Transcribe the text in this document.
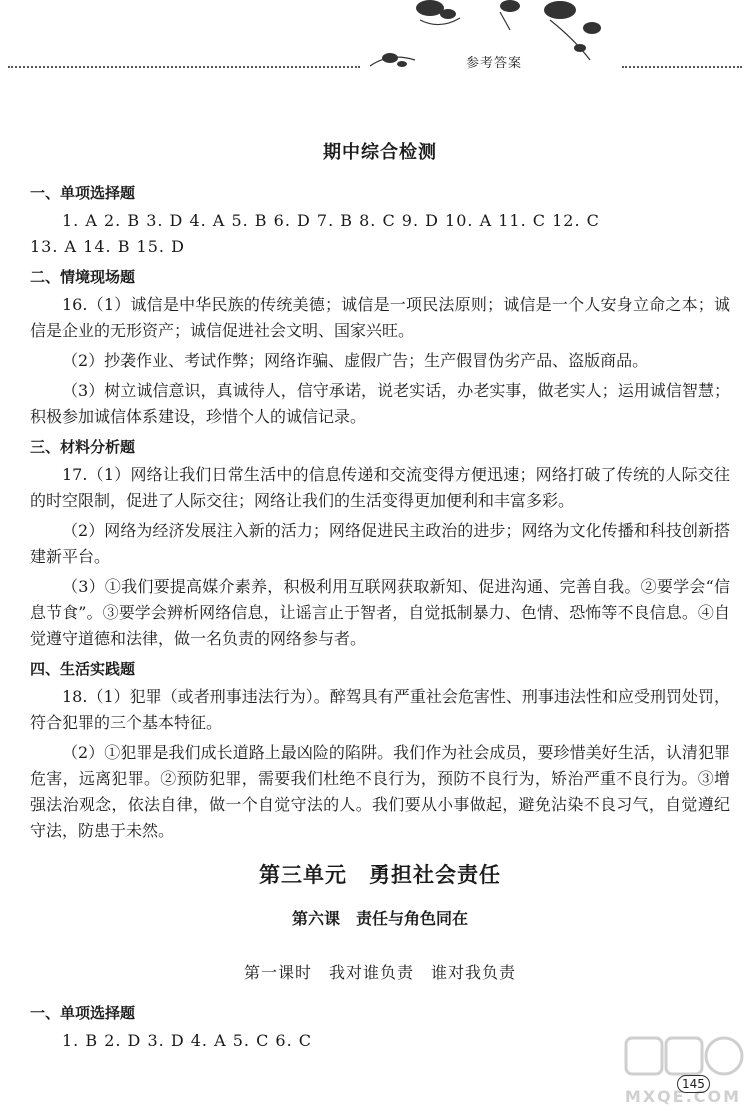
参考答案
期中综合检测
一、单项选择题
1. A 2. B 3. D 4. A 5. B 6. D 7. B 8. C 9. D 10. A 11. C 12. C
13. A 14. B 15. D
二、情境现场题

16.（1）诚信是中华民族的传统美德；诚信是一项民法原则；诚信是一个人安身立命之本；诚信是企业的无形资产；诚信促进社会文明、国家兴旺。

（2）抄袭作业、考试作弊；网络诈骗、虚假广告；生产假冒伪劣产品、盗版商品。

（3）树立诚信意识，真诚待人，信守承诺，说老实话，办老实事，做老实人；运用诚信智慧；积极参加诚信体系建设，珍惜个人的诚信记录。

三、材料分析题

17.（1）网络让我们日常生活中的信息传递和交流变得方便迅速；网络打破了传统的人际交往的时空限制，促进了人际交往；网络让我们的生活变得更加便利和丰富多彩。

（2）网络为经济发展注入新的活力；网络促进民主政治的进步；网络为文化传播和科技创新搭建新平台。

（3）①我们要提高媒介素养，积极利用互联网获取新知、促进沟通、完善自我。②要学会“信息节食”。③要学会辨析网络信息，让谣言止于智者，自觉抵制暴力、色情、恐怖等不良信息。④自觉遵守道德和法律，做一名负责的网络参与者。

四、生活实践题

18.（1）犯罪（或者刑事违法行为）。醉驾具有严重社会危害性、刑事违法性和应受刑罚处罚，符合犯罪的三个基本特征。

（2）①犯罪是我们成长道路上最凶险的陷阱。我们作为社会成员，要珍惜美好生活，认清犯罪危害，远离犯罪。②预防犯罪，需要我们杜绝不良行为，预防不良行为，矫治严重不良行为。③增强法治观念，依法自律，做一个自觉守法的人。我们要从小事做起，避免沾染不良习气，自觉遵纪守法，防患于未然。

第三单元　勇担社会责任
第六课　责任与角色同在
第一课时　我对谁负责　谁对我负责
一、单项选择题
1. B 2. D 3. D 4. A 5. C 6. C
MXQE.COM
145
